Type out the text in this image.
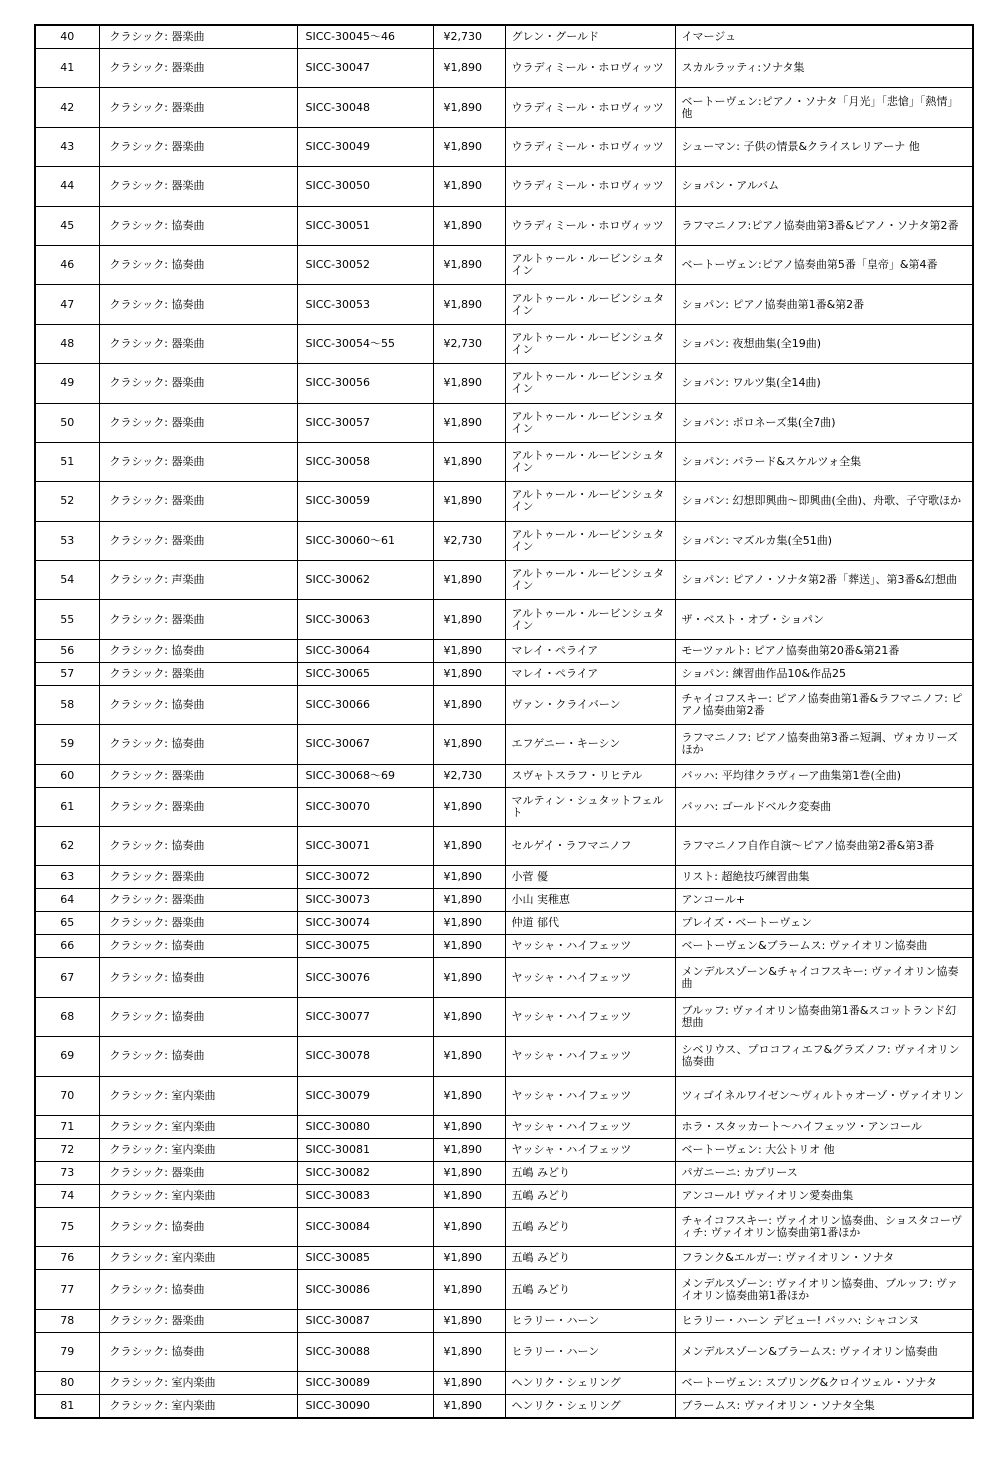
40	クラシック: 器楽曲	SICC-30045〜46	¥2,730	グレン・グールド	イマージュ
41	クラシック: 器楽曲	SICC-30047	¥1,890	ウラディミール・ホロヴィッツ	スカルラッティ:ソナタ集
42	クラシック: 器楽曲	SICC-30048	¥1,890	ウラディミール・ホロヴィッツ	ベートーヴェン:ピアノ・ソナタ「月光」「悲愴」「熱情」他
43	クラシック: 器楽曲	SICC-30049	¥1,890	ウラディミール・ホロヴィッツ	シューマン: 子供の情景&クライスレリアーナ 他
44	クラシック: 器楽曲	SICC-30050	¥1,890	ウラディミール・ホロヴィッツ	ショパン・アルバム
45	クラシック: 協奏曲	SICC-30051	¥1,890	ウラディミール・ホロヴィッツ	ラフマニノフ:ピアノ協奏曲第3番&ピアノ・ソナタ第2番
46	クラシック: 協奏曲	SICC-30052	¥1,890	アルトゥール・ルービンシュタイン	ベートーヴェン:ピアノ協奏曲第5番「皇帝」&第4番
47	クラシック: 協奏曲	SICC-30053	¥1,890	アルトゥール・ルービンシュタイン	ショパン: ピアノ協奏曲第1番&第2番
48	クラシック: 器楽曲	SICC-30054〜55	¥2,730	アルトゥール・ルービンシュタイン	ショパン: 夜想曲集(全19曲)
49	クラシック: 器楽曲	SICC-30056	¥1,890	アルトゥール・ルービンシュタイン	ショパン: ワルツ集(全14曲)
50	クラシック: 器楽曲	SICC-30057	¥1,890	アルトゥール・ルービンシュタイン	ショパン: ポロネーズ集(全7曲)
51	クラシック: 器楽曲	SICC-30058	¥1,890	アルトゥール・ルービンシュタイン	ショパン: バラード&スケルツォ全集
52	クラシック: 器楽曲	SICC-30059	¥1,890	アルトゥール・ルービンシュタイン	ショパン: 幻想即興曲〜即興曲(全曲)、舟歌、子守歌ほか
53	クラシック: 器楽曲	SICC-30060〜61	¥2,730	アルトゥール・ルービンシュタイン	ショパン: マズルカ集(全51曲)
54	クラシック: 声楽曲	SICC-30062	¥1,890	アルトゥール・ルービンシュタイン	ショパン: ピアノ・ソナタ第2番「葬送」、第3番&幻想曲
55	クラシック: 器楽曲	SICC-30063	¥1,890	アルトゥール・ルービンシュタイン	ザ・ベスト・オブ・ショパン
56	クラシック: 協奏曲	SICC-30064	¥1,890	マレイ・ペライア	モーツァルト: ピアノ協奏曲第20番&第21番
57	クラシック: 器楽曲	SICC-30065	¥1,890	マレイ・ペライア	ショパン: 練習曲作品10&作品25
58	クラシック: 協奏曲	SICC-30066	¥1,890	ヴァン・クライバーン	チャイコフスキー: ピアノ協奏曲第1番&ラフマニノフ: ピアノ協奏曲第2番
59	クラシック: 協奏曲	SICC-30067	¥1,890	エフゲニー・キーシン	ラフマニノフ: ピアノ協奏曲第3番ニ短調、ヴォカリーズほか
60	クラシック: 器楽曲	SICC-30068〜69	¥2,730	スヴャトスラフ・リヒテル	バッハ: 平均律クラヴィーア曲集第1巻(全曲)
61	クラシック: 器楽曲	SICC-30070	¥1,890	マルティン・シュタットフェルト	バッハ: ゴールドベルク変奏曲
62	クラシック: 協奏曲	SICC-30071	¥1,890	セルゲイ・ラフマニノフ	ラフマニノフ自作自演〜ピアノ協奏曲第2番&第3番
63	クラシック: 器楽曲	SICC-30072	¥1,890	小菅 優	リスト: 超絶技巧練習曲集
64	クラシック: 器楽曲	SICC-30073	¥1,890	小山 実稚恵	アンコール+
65	クラシック: 器楽曲	SICC-30074	¥1,890	仲道 郁代	プレイズ・ベートーヴェン
66	クラシック: 協奏曲	SICC-30075	¥1,890	ヤッシャ・ハイフェッツ	ベートーヴェン&ブラームス: ヴァイオリン協奏曲
67	クラシック: 協奏曲	SICC-30076	¥1,890	ヤッシャ・ハイフェッツ	メンデルスゾーン&チャイコフスキー: ヴァイオリン協奏曲
68	クラシック: 協奏曲	SICC-30077	¥1,890	ヤッシャ・ハイフェッツ	ブルッフ: ヴァイオリン協奏曲第1番&スコットランド幻想曲
69	クラシック: 協奏曲	SICC-30078	¥1,890	ヤッシャ・ハイフェッツ	シベリウス、プロコフィエフ&グラズノフ: ヴァイオリン協奏曲
70	クラシック: 室内楽曲	SICC-30079	¥1,890	ヤッシャ・ハイフェッツ	ツィゴイネルワイゼン〜ヴィルトゥオーゾ・ヴァイオリン
71	クラシック: 室内楽曲	SICC-30080	¥1,890	ヤッシャ・ハイフェッツ	ホラ・スタッカート〜ハイフェッツ・アンコール
72	クラシック: 室内楽曲	SICC-30081	¥1,890	ヤッシャ・ハイフェッツ	ベートーヴェン: 大公トリオ 他
73	クラシック: 器楽曲	SICC-30082	¥1,890	五嶋 みどり	パガニーニ: カプリース
74	クラシック: 室内楽曲	SICC-30083	¥1,890	五嶋 みどり	アンコール! ヴァイオリン愛奏曲集
75	クラシック: 協奏曲	SICC-30084	¥1,890	五嶋 みどり	チャイコフスキー: ヴァイオリン協奏曲、ショスタコーヴィチ: ヴァイオリン協奏曲第1番ほか
76	クラシック: 室内楽曲	SICC-30085	¥1,890	五嶋 みどり	フランク&エルガー: ヴァイオリン・ソナタ
77	クラシック: 協奏曲	SICC-30086	¥1,890	五嶋 みどり	メンデルスゾーン: ヴァイオリン協奏曲、ブルッフ: ヴァイオリン協奏曲第1番ほか
78	クラシック: 器楽曲	SICC-30087	¥1,890	ヒラリー・ハーン	ヒラリー・ハーン デビュー! バッハ: シャコンヌ
79	クラシック: 協奏曲	SICC-30088	¥1,890	ヒラリー・ハーン	メンデルスゾーン&ブラームス: ヴァイオリン協奏曲
80	クラシック: 室内楽曲	SICC-30089	¥1,890	ヘンリク・シェリング	ベートーヴェン: スプリング&クロイツェル・ソナタ
81	クラシック: 室内楽曲	SICC-30090	¥1,890	ヘンリク・シェリング	ブラームス: ヴァイオリン・ソナタ全集
